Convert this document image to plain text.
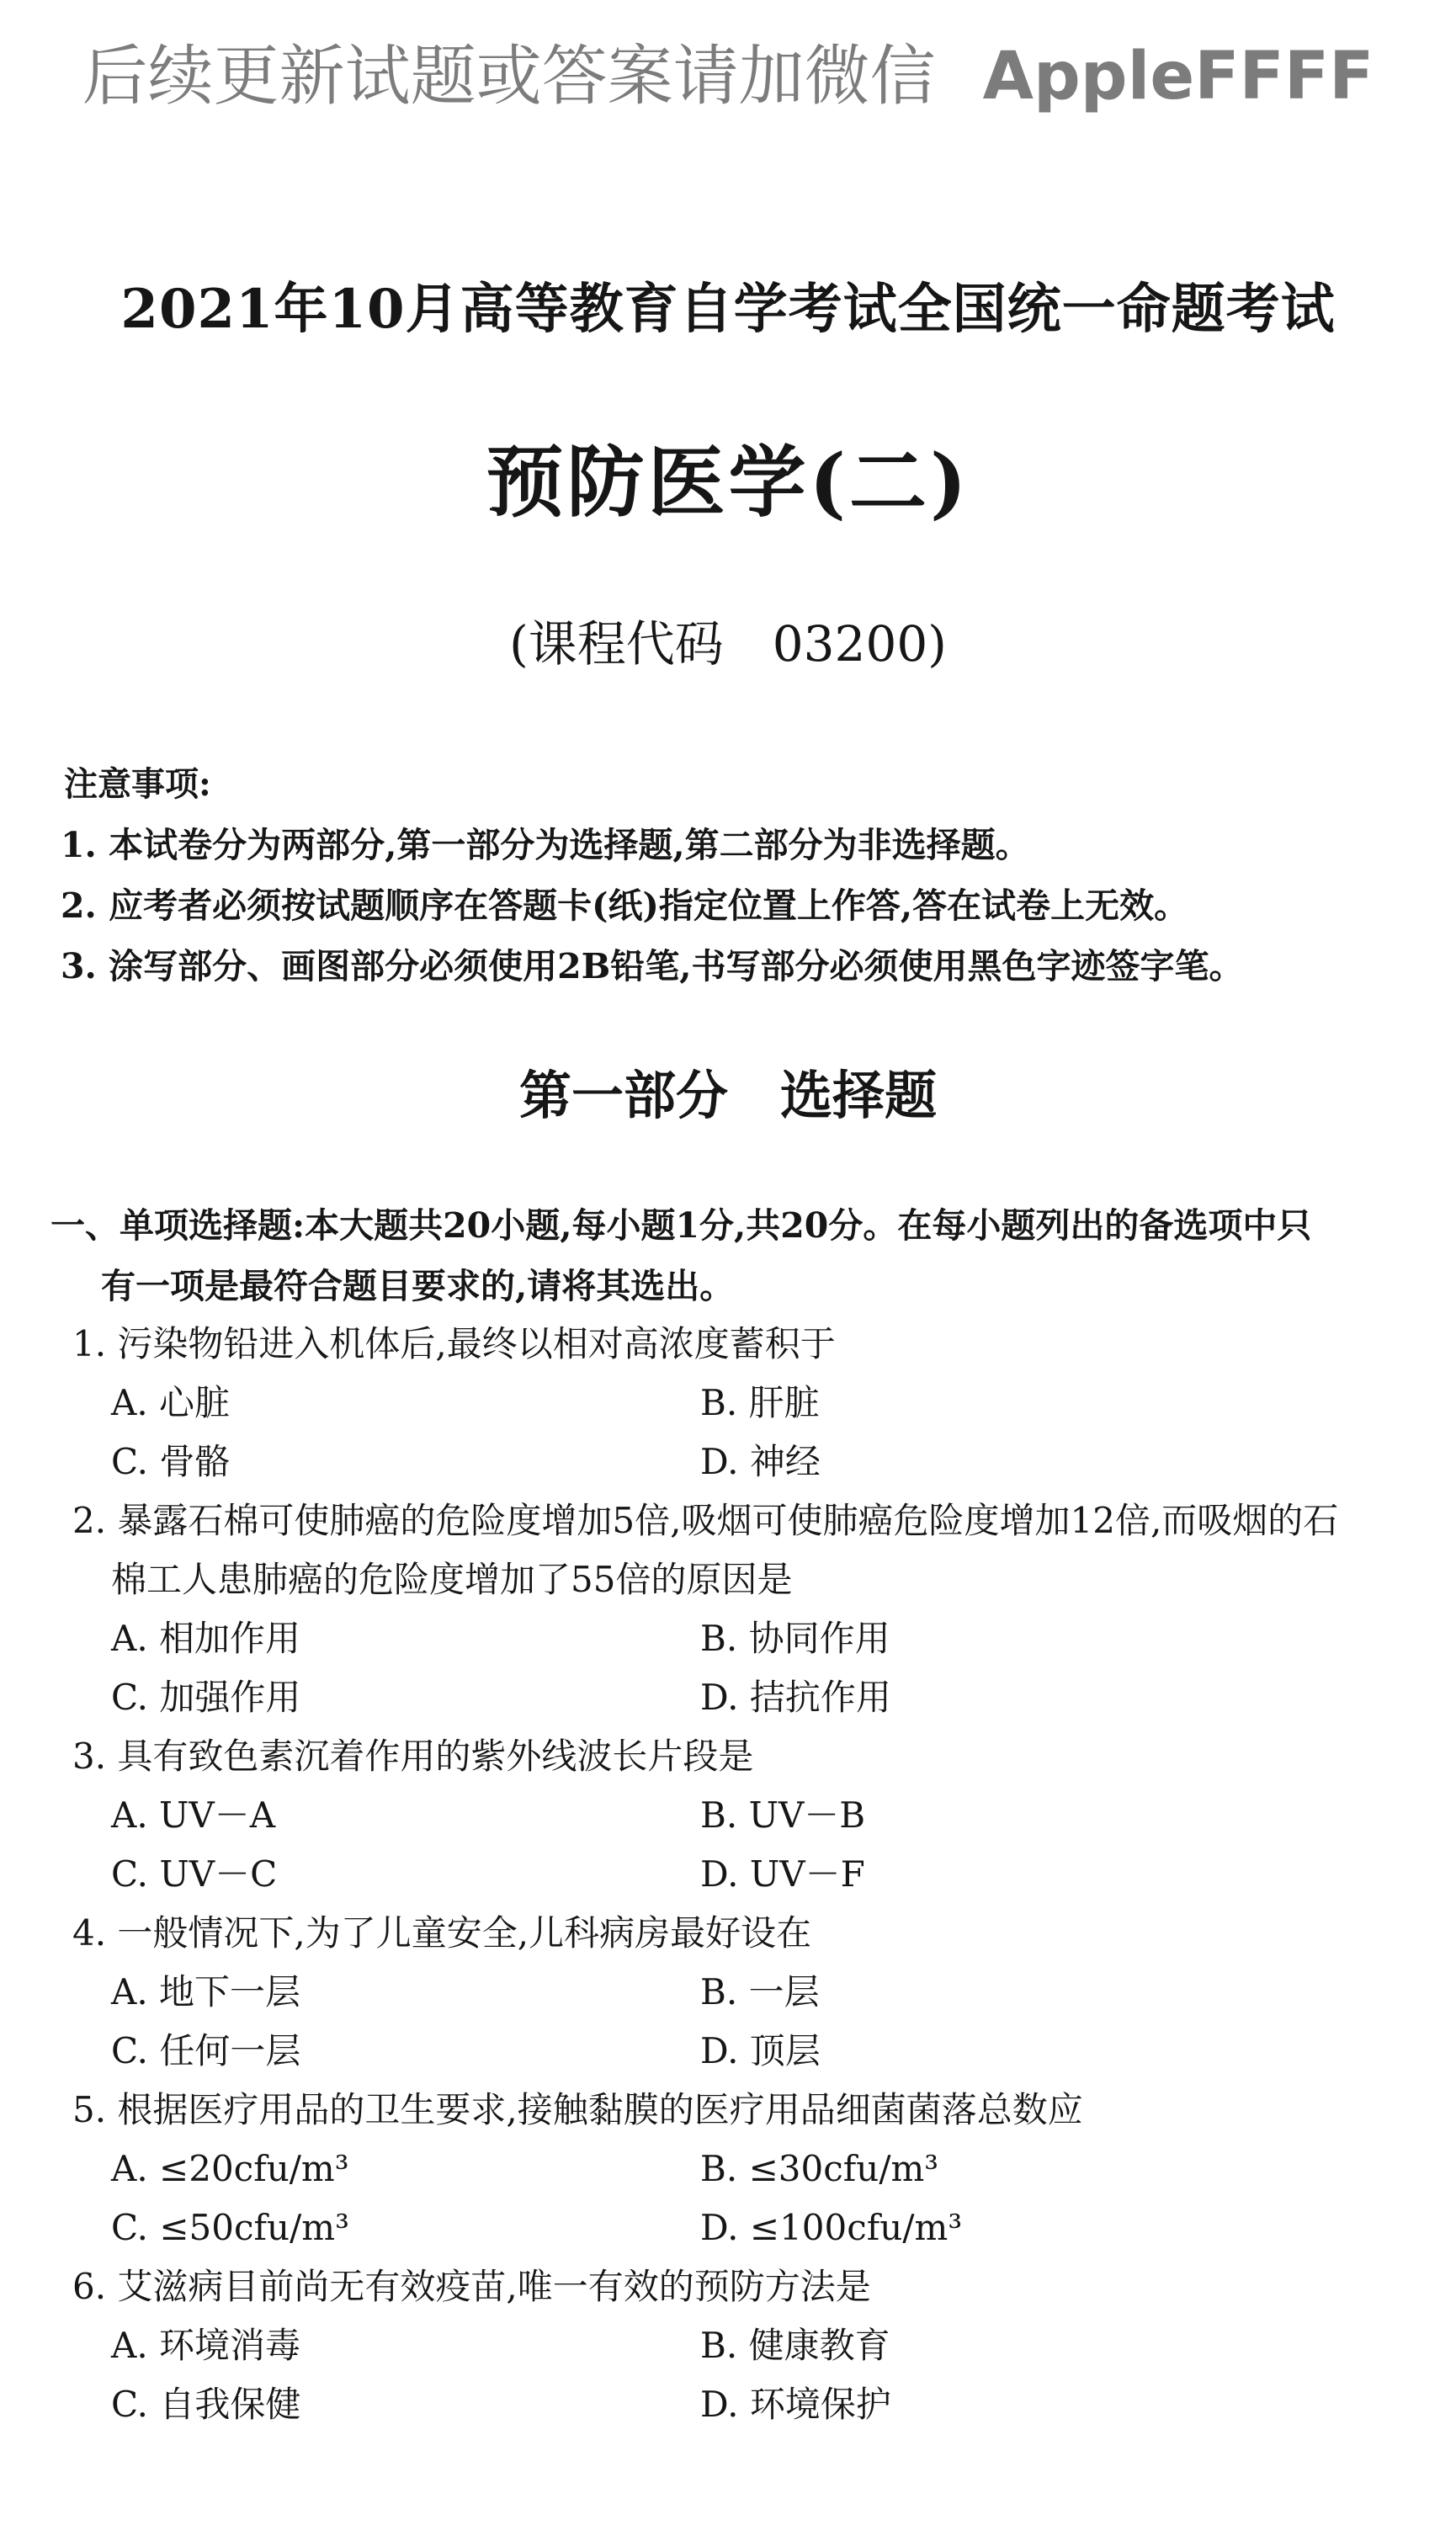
后续更新试题或答案请加微信 AppleFFFF
2021年10月高等教育自学考试全国统一命题考试
预防医学(二)
(课程代码　03200)
注意事项:
1. 本试卷分为两部分,第一部分为选择题,第二部分为非选择题。
2. 应考者必须按试题顺序在答题卡(纸)指定位置上作答,答在试卷上无效。
3. 涂写部分、画图部分必须使用2B铅笔,书写部分必须使用黑色字迹签字笔。
第一部分　选择题
一、单项选择题:本大题共20小题,每小题1分,共20分。在每小题列出的备选项中只
有一项是最符合题目要求的,请将其选出。
1. 污染物铅进入机体后,最终以相对高浓度蓄积于
A. 心脏	B. 肝脏
C. 骨骼	D. 神经
2. 暴露石棉可使肺癌的危险度增加5倍,吸烟可使肺癌危险度增加12倍,而吸烟的石
棉工人患肺癌的危险度增加了55倍的原因是
A. 相加作用	B. 协同作用
C. 加强作用	D. 拮抗作用
3. 具有致色素沉着作用的紫外线波长片段是
A. UV－A	B. UV－B
C. UV－C	D. UV－F
4. 一般情况下,为了儿童安全,儿科病房最好设在
A. 地下一层	B. 一层
C. 任何一层	D. 顶层
5. 根据医疗用品的卫生要求,接触黏膜的医疗用品细菌菌落总数应
A. ≤20cfu/m³	B. ≤30cfu/m³
C. ≤50cfu/m³	D. ≤100cfu/m³
6. 艾滋病目前尚无有效疫苗,唯一有效的预防方法是
A. 环境消毒	B. 健康教育
C. 自我保健	D. 环境保护
